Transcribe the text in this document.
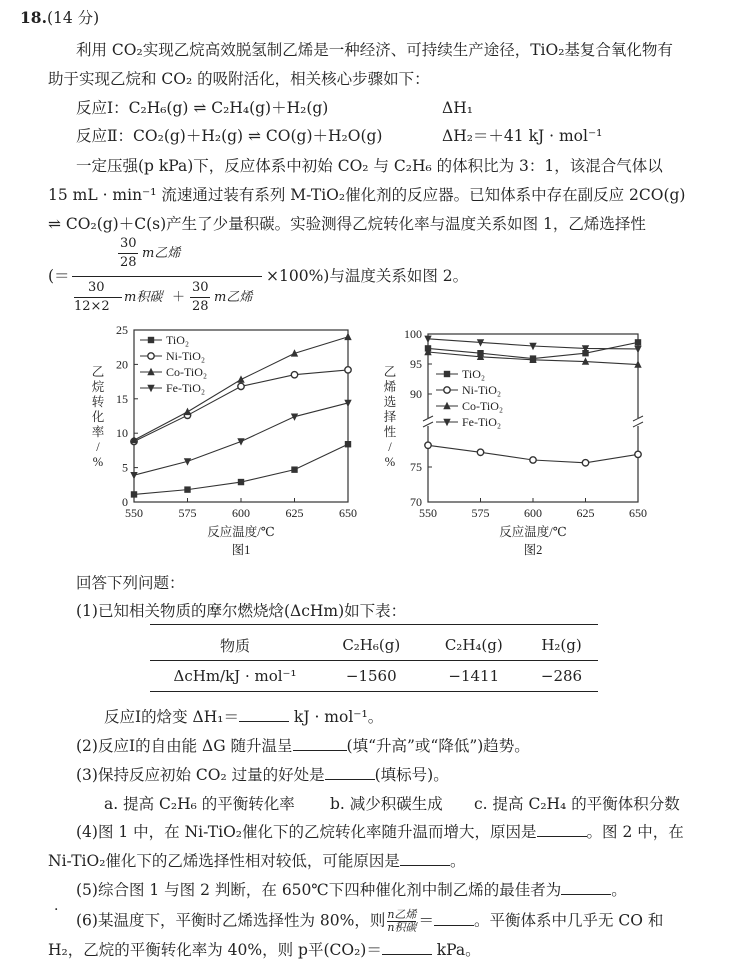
18.(14 分)
利用 CO₂实现乙烷高效脱氢制乙烯是一种经济、可持续生产途径，TiO₂基复合氧化物有
助于实现乙烷和 CO₂ 的吸附活化，相关核心步骤如下：
反应Ⅰ：C₂H₆(g) ⇌ C₂H₄(g)＋H₂(g)	ΔH₁
反应Ⅱ：CO₂(g)＋H₂(g) ⇌ CO(g)＋H₂O(g)	ΔH₂＝＋41 kJ · mol⁻¹
一定压强(p kPa)下，反应体系中初始 CO₂ 与 C₂H₆ 的体积比为 3：1，该混合气体以
15 mL · min⁻¹ 流速通过装有系列 M-TiO₂催化剂的反应器。已知体系中存在副反应 2CO(g)
⇌ CO₂(g)＋C(s)产生了少量积碳。实验测得乙烷转化率与温度关系如图 1，乙烯选择性
(＝
30
28
m乙烯
30
12×2
m积碳 ＋
30
28
m乙烯
×100%)与温度关系如图 2。
550	575	600	625	650
0
5
10
15
20
25
TiO₂
Ni-TiO₂
Co-TiO₂
Fe-TiO₂
乙
烷
转
化
率
/
%
反应温度/℃
图1
550	575	600	625	650
70
75
90
95
100
TiO₂
Ni-TiO₂
Co-TiO₂
Fe-TiO₂
乙
烯
选
择
性
/
%
反应温度/℃
图2
回答下列问题：
(1)已知相关物质的摩尔燃烧焓(ΔcHm)如下表：
物质	C₂H₆(g)	C₂H₄(g)	H₂(g)
ΔcHm/kJ · mol⁻¹	−1560	−1411	−286
反应Ⅰ的焓变 ΔH₁＝	kJ · mol⁻¹。
(2)反应Ⅰ的自由能 ΔG 随升温呈	(填“升高”或“降低”)趋势。
(3)保持反应初始 CO₂ 过量的好处是	(填标号)。
a. 提高 C₂H₆ 的平衡转化率 b. 减少积碳生成 c. 提高 C₂H₄ 的平衡体积分数
(4)图 1 中，在 Ni-TiO₂催化下的乙烷转化率随升温而增大，原因是	。图 2 中，在
Ni-TiO₂催化下的乙烯选择性相对较低，可能原因是	。
(5)综合图 1 与图 2 判断，在 650℃下四种催化剂中制乙烯的最佳者为	。
·
(6)某温度下，平衡时乙烯选择性为 80%，则 n乙烯
n积碳 ＝	。平衡体系中几乎无 CO 和
H₂，乙烷的平衡转化率为 40%，则 p平(CO₂)＝	kPa。
